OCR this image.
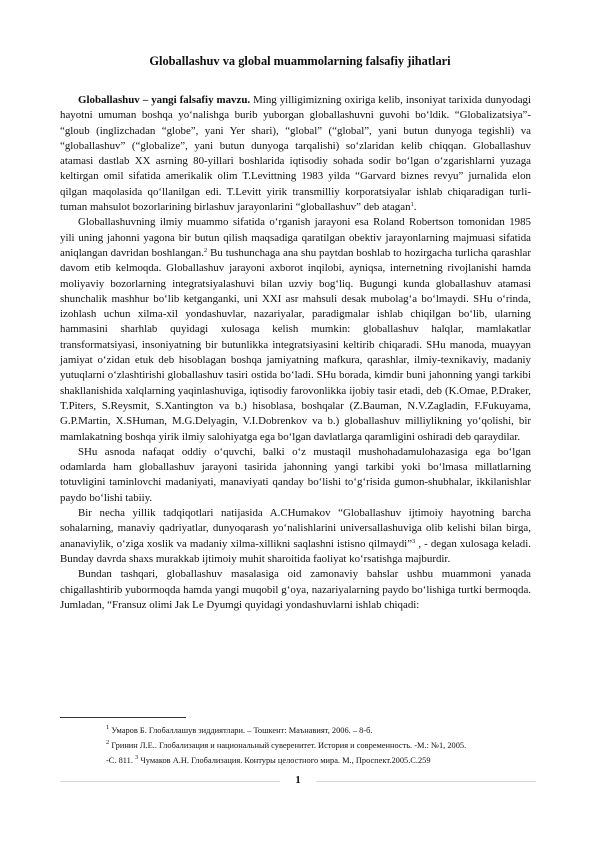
Globallashuv va global muammolarning falsafiy jihatlari

Globallashuv – yangi falsafiy mavzu. Ming yilligimizning oxiriga kelib, insoniyat tarixida dunyodagi hayotni umuman boshqa yo‘nalishga burib yuborgan globallashuvni guvohi bo‘ldik. “Globalizatsiya”- “gloub (inglizchadan “globe”, yani Yer shari), “global” (“global”, yani butun dunyoga tegishli) va “globallashuv” (“globalize”, yani butun dunyoga tarqalishi) so‘zlaridan kelib chiqqan. Globallashuv atamasi dastlab XX asrning 80-yillari boshlarida iqtisodiy sohada sodir bo‘lgan o‘zgarishlarni yuzaga keltirgan omil sifatida amerikalik olim T.Levittning 1983 yilda “Garvard biznes revyu” jurnalida elon qilgan maqolasida qo‘llanilgan edi. T.Levitt yirik transmilliy korporatsiyalar ishlab chiqaradigan turli-tuman mahsulot bozorlarining birlashuv jarayonlarini “globallashuv” deb atagan$^1$.

Globallashuvning ilmiy muammo sifatida o‘rganish jarayoni esa Roland Robertson tomonidan 1985 yili uning jahonni yagona bir butun qilish maqsadiga qaratilgan obektiv jarayonlarning majmuasi sifatida aniqlangan davridan boshlangan.$^2$ Bu tushunchaga ana shu paytdan boshlab to hozirgacha turlicha qarashlar davom etib kelmoqda. Globallashuv jarayoni axborot inqilobi, ayniqsa, internetning rivojlanishi hamda moliyaviy bozorlarning integratsiyalashuvi bilan uzviy bog‘liq. Bugungi kunda globallashuv atamasi shunchalik mashhur bo‘lib ketganganki, uni XXI asr mahsuli desak mubolag‘a bo‘lmaydi. SHu o‘rinda, izohlash uchun xilma-xil yondashuvlar, nazariyalar, paradigmalar ishlab chiqilgan bo‘lib, ularning hammasini sharhlab quyidagi xulosaga kelish mumkin: globallashuv halqlar, mamlakatlar transformatsiyasi, insoniyatning bir butunlikka integratsiyasini keltirib chiqaradi. SHu manoda, muayyan jamiyat o‘zidan etuk deb hisoblagan boshqa jamiyatning mafkura, qarashlar, ilmiy-texnikaviy, madaniy yutuqlarni o‘zlashtirishi globallashuv tasiri ostida bo‘ladi. SHu borada, kimdir buni jahonning yangi tarkibi shakllanishida xalqlarning yaqinlashuviga, iqtisodiy farovonlikka ijobiy tasir etadi, deb (K.Omae, P.Draker, T.Piters, S.Reysmit, S.Xantington va b.) hisoblasa, boshqalar (Z.Bauman, N.V.Zagladin, F.Fukuyama, G.P.Martin, X.SHuman, M.G.Delyagin, V.I.Dobrenkov va b.) globallashuv milliylikning yo‘qolishi, bir mamlakatning boshqa yirik ilmiy salohiyatga ega bo‘lgan davlatlarga qaramligini oshiradi deb qaraydilar.

SHu asnoda nafaqat oddiy o‘quvchi, balki o‘z mustaqil mushohadamulohazasiga ega bo‘lgan odamlarda ham globallashuv jarayoni tasirida jahonning yangi tarkibi yoki bo‘lmasa millatlarning totuvligini taminlovchi madaniyati, manaviyati qanday bo‘lishi to‘g‘risida gumon-shubhalar, ikkilanishlar paydo bo‘lishi tabiiy.

Bir necha yillik tadqiqotlari natijasida A.CHumakov “Globallashuv ijtimoiy hayotning barcha sohalarning, manaviy qadriyatlar, dunyoqarash yo‘nalishlarini universallashuviga olib kelishi bilan birga, ananaviylik, o‘ziga xoslik va madaniy xilma-xillikni saqlashni istisno qilmaydi”$^3$ , - degan xulosaga keladi. Bunday davrda shaxs murakkab ijtimoiy muhit sharoitida faoliyat ko‘rsatishga majburdir.

Bundan tashqari, globallashuv masalasiga oid zamonaviy bahslar ushbu muammoni yanada chigallashtirib yubormoqda hamda yangi muqobil g‘oya, nazariyalarning paydo bo‘lishiga turtki bermoqda. Jumladan, “Fransuz olimi Jak Le Dyumgi quyidagi yondashuvlarni ishlab chiqadi:

$^1$ Умаров Б. Глобаллашув зиддиятлари. – Тошкент: Маънавият, 2006. – 8-б.
$^2$ Гринин Л.Е.. Глобализация и национальный суверенитет. История и современность. -М.: №1, 2005.
-С. 811. $^3$ Чумаков А.Н. Глобализация. Контуры целостного мира. М., Проспект.2005.С.259
1
